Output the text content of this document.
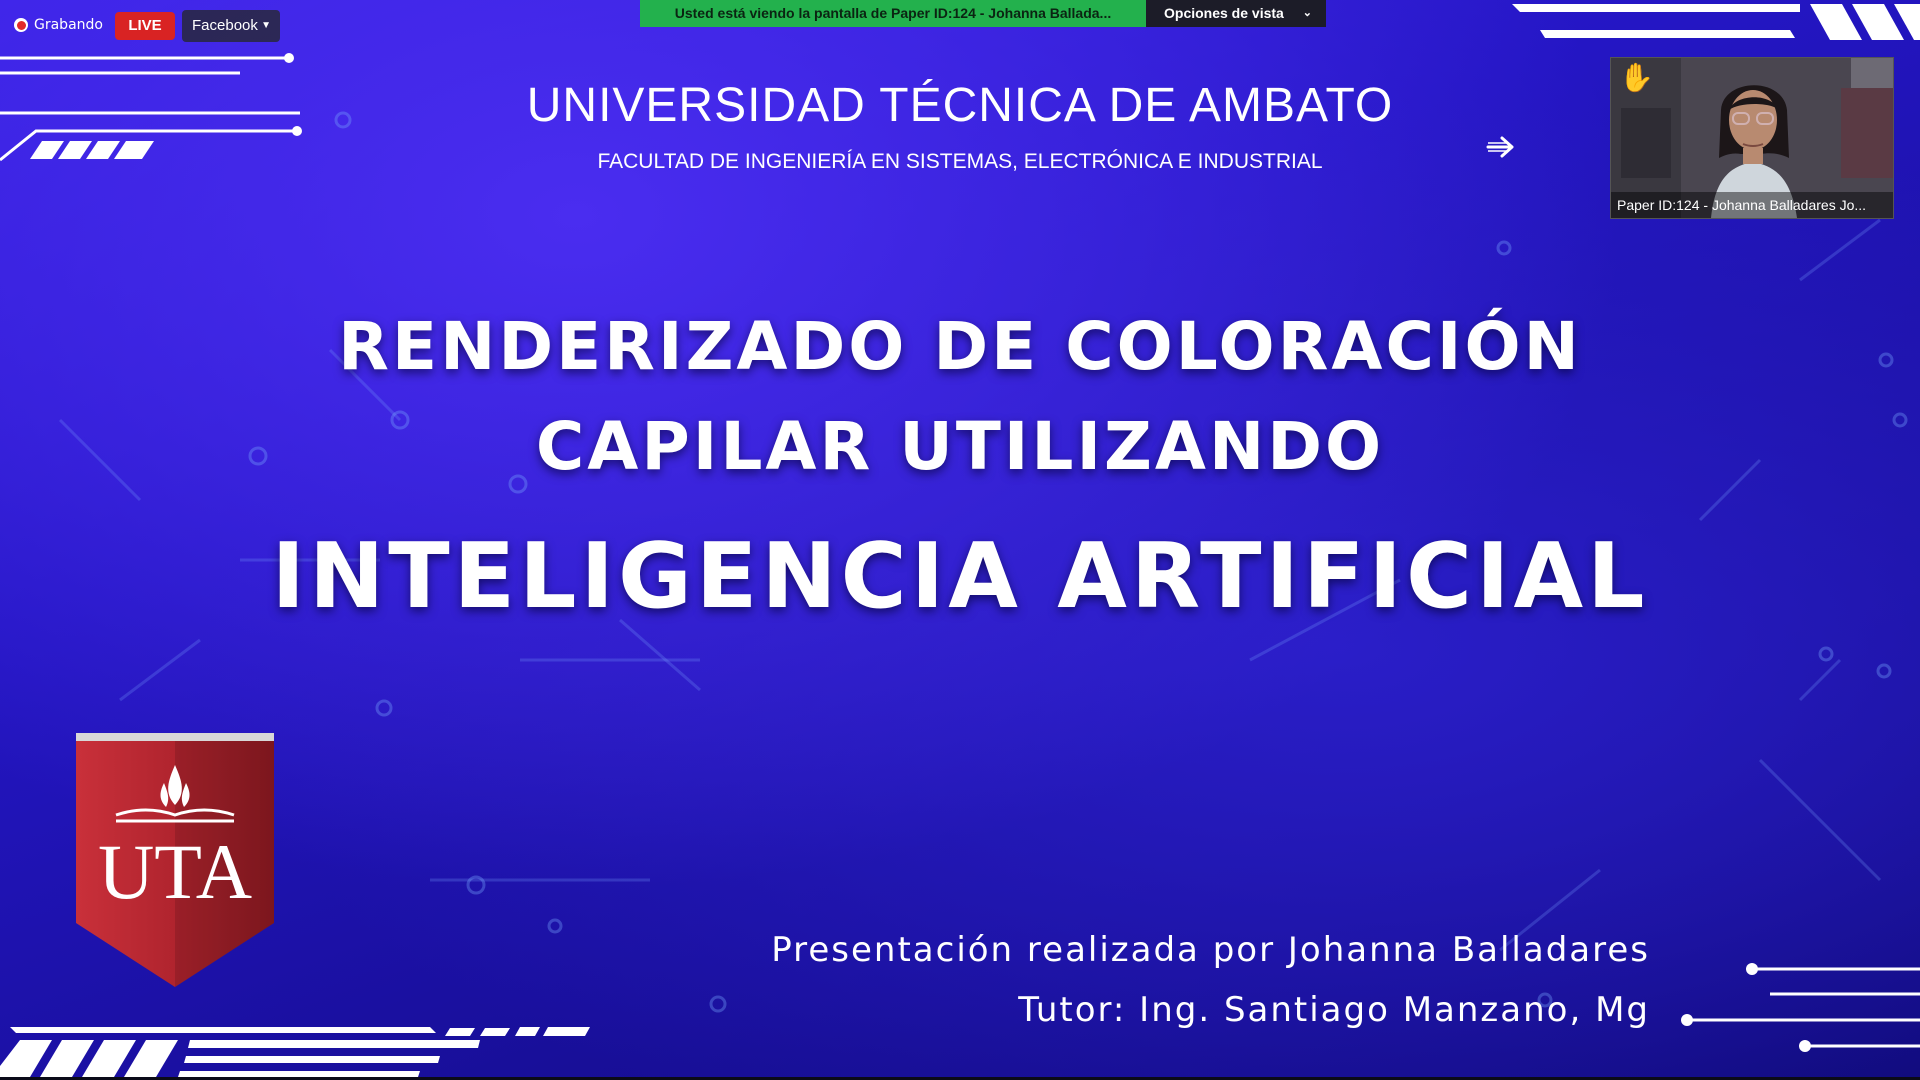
Grabando	LIVE	Facebook ▼
Usted está viendo la pantalla de Paper ID:124 - Johanna Ballada...	Opciones de vista ⌄
UNIVERSIDAD TÉCNICA DE AMBATO
FACULTAD DE INGENIERÍA EN SISTEMAS, ELECTRÓNICA E INDUSTRIAL
RENDERIZADO DE COLORACIÓN
CAPILAR UTILIZANDO
INTELIGENCIA ARTIFICIAL
UTA
Presentación realizada por Johanna Balladares
Tutor: Ing. Santiago Manzano, Mg
✋
Paper ID:124 - Johanna Balladares Jo...
